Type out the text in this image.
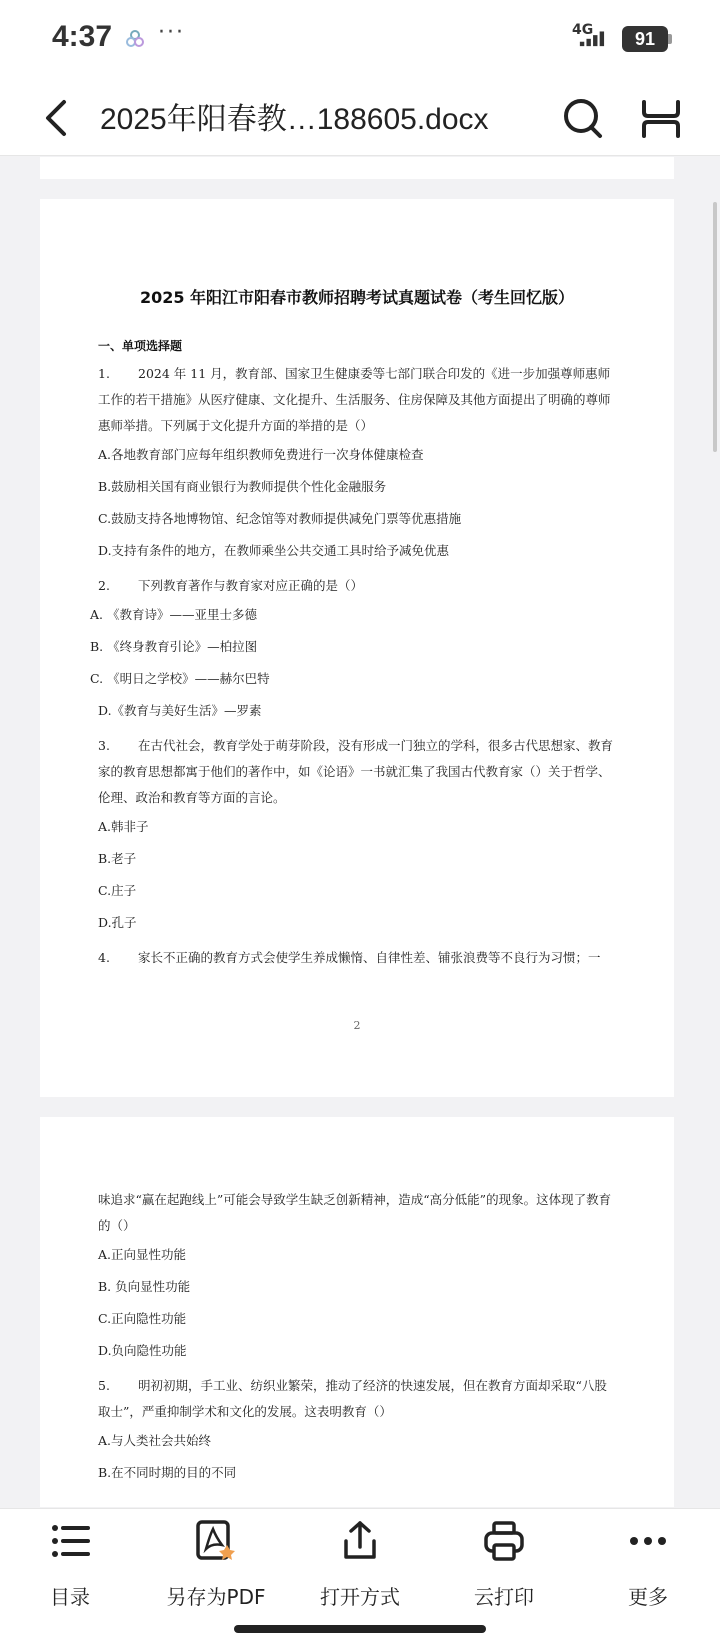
4:37 ···	4G	91
2025年阳春教…188605.docx
2025 年阳江市阳春市教师招聘考试真题试卷（考生回忆版）
一、单项选择题
1. 2024 年 11 月，教育部、国家卫生健康委等七部门联合印发的《进一步加强尊师惠师工作的若干措施》从医疗健康、文化提升、生活服务、住房保障及其他方面提出了明确的尊师惠师举措。下列属于文化提升方面的举措的是（）
A.各地教育部门应每年组织教师免费进行一次身体健康检查
B.鼓励相关国有商业银行为教师提供个性化金融服务
C.鼓励支持各地博物馆、纪念馆等对教师提供减免门票等优惠措施
D.支持有条件的地方，在教师乘坐公共交通工具时给予减免优惠
2. 下列教育著作与教育家对应正确的是（）
A. 《教育诗》——亚里士多德
B. 《终身教育引论》—柏拉图
C. 《明日之学校》——赫尔巴特
D.《教育与美好生活》—罗素
3. 在古代社会，教育学处于萌芽阶段，没有形成一门独立的学科，很多古代思想家、教育家的教育思想都寓于他们的著作中，如《论语》一书就汇集了我国古代教育家（）关于哲学、伦理、政治和教育等方面的言论。
A.韩非子
B.老子
C.庄子
D.孔子
4. 家长不正确的教育方式会使学生养成懒惰、自律性差、铺张浪费等不良行为习惯；一
2
味追求“赢在起跑线上”可能会导致学生缺乏创新精神，造成“高分低能”的现象。这体现了教育的（）
A.正向显性功能
B. 负向显性功能
C.正向隐性功能
D.负向隐性功能
5. 明初初期，手工业、纺织业繁荣，推动了经济的快速发展，但在教育方面却采取“八股取士”，严重抑制学术和文化的发展。这表明教育（）
A.与人类社会共始终
B.在不同时期的目的不同
目录	另存为PDF	打开方式	云打印	更多
